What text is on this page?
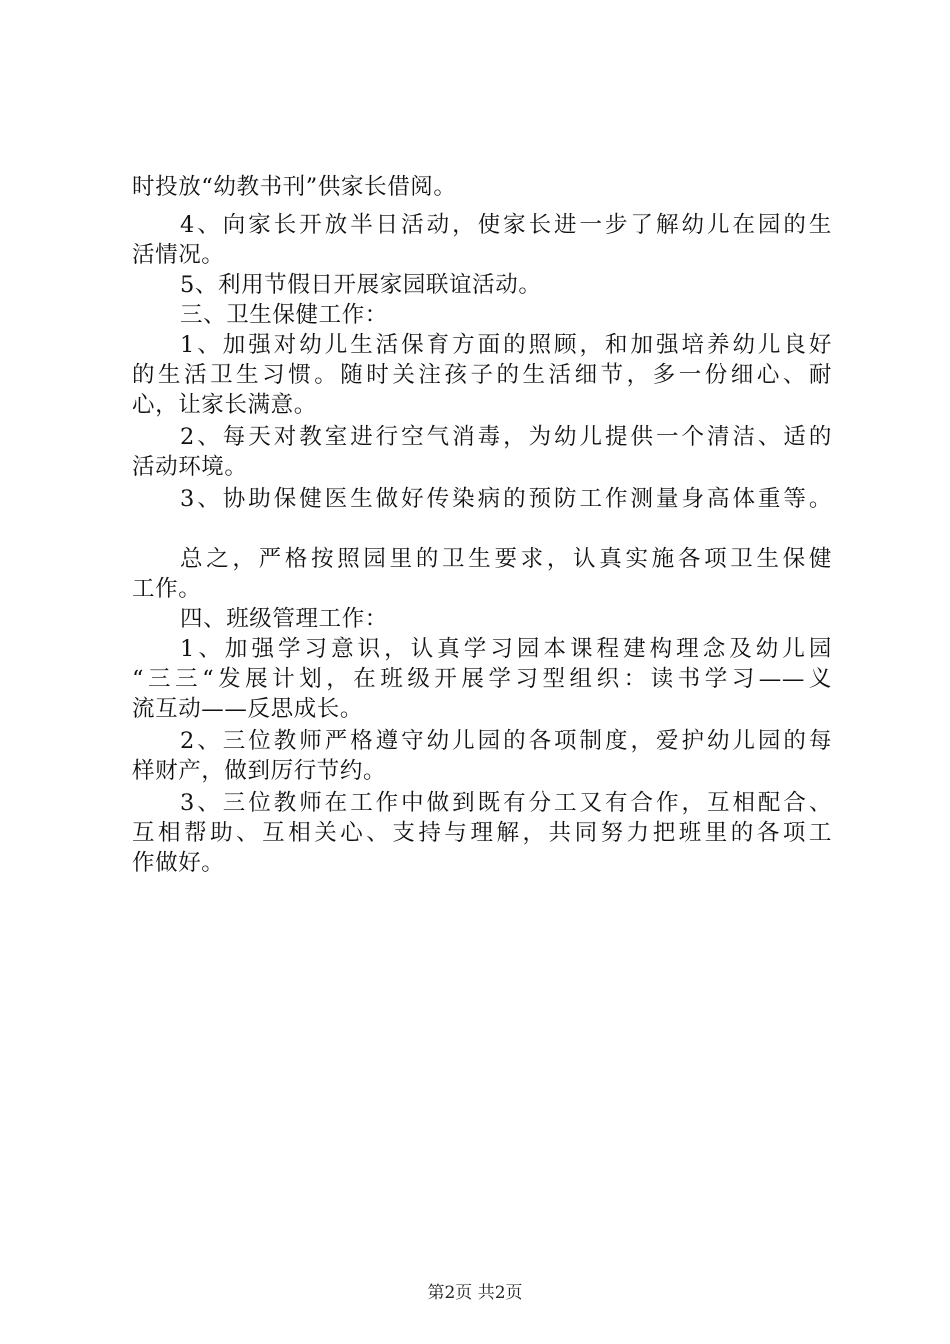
时投放“幼教书刊”供家长借阅。
4、向家长开放半日活动，使家长进一步了解幼儿在园的生
活情况。
5、利用节假日开展家园联谊活动。
三、卫生保健工作：
1、加强对幼儿生活保育方面的照顾，和加强培养幼儿良好
的生活卫生习惯。随时关注孩子的生活细节，多一份细心、耐
心，让家长满意。
2、每天对教室进行空气消毒，为幼儿提供一个清洁、适的
活动环境。
3、协助保健医生做好传染病的预防工作测量身高体重等。
总之，严格按照园里的卫生要求，认真实施各项卫生保健
工作。
四、班级管理工作：
1、加强学习意识，认真学习园本课程建构理念及幼儿园
“三三“发展计划，在班级开展学习型组织：读书学习——义
流互动——反思成长。
2、三位教师严格遵守幼儿园的各项制度，爱护幼儿园的每
样财产，做到厉行节约。
3、三位教师在工作中做到既有分工又有合作，互相配合、
互相帮助、互相关心、支持与理解，共同努力把班里的各项工
作做好。
第2页 共2页
